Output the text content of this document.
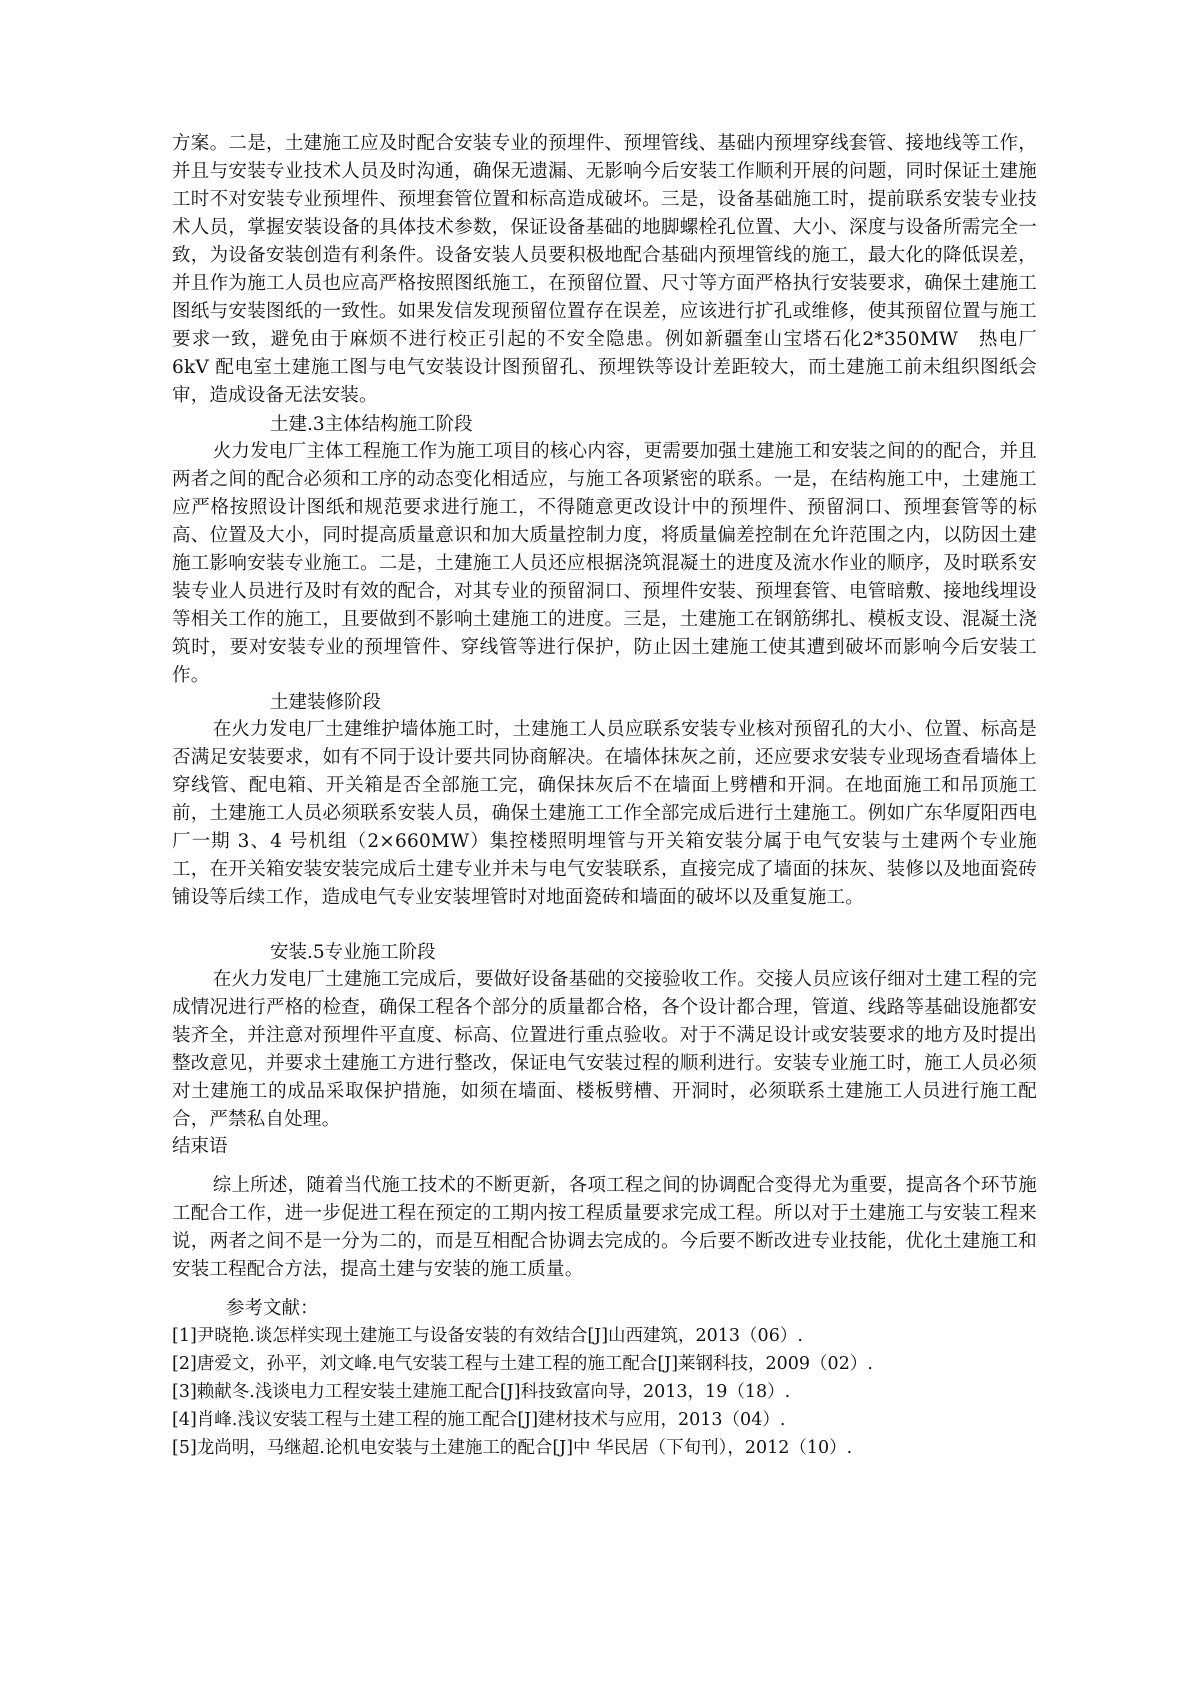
方案。二是，土建施工应及时配合安装专业的预埋件、预埋管线、基础内预埋穿线套管、接地线等工作，并且与安装专业技术人员及时沟通，确保无遗漏、无影响今后安装工作顺利开展的问题，同时保证土建施工时不对安装专业预埋件、预埋套管位置和标高造成破坏。三是，设备基础施工时，提前联系安装专业技术人员，掌握安装设备的具体技术参数，保证设备基础的地脚螺栓孔位置、大小、深度与设备所需完全一致，为设备安装创造有利条件。设备安装人员要积极地配合基础内预埋管线的施工，最大化的降低误差，并且作为施工人员也应高严格按照图纸施工，在预留位置、尺寸等方面严格执行安装要求，确保土建施工图纸与安装图纸的一致性。如果发信发现预留位置存在误差，应该进行扩孔或维修，使其预留位置与施工要求一致，避免由于麻烦不进行校正引起的不安全隐患。例如新疆奎山宝塔石化2*350MW　热电厂 6kV 配电室土建施工图与电气安装设计图预留孔、预埋铁等设计差距较大，而土建施工前未组织图纸会审，造成设备无法安装。

土建.3主体结构施工阶段

火力发电厂主体工程施工作为施工项目的核心内容，更需要加强土建施工和安装之间的的配合，并且两者之间的配合必须和工序的动态变化相适应，与施工各项紧密的联系。一是，在结构施工中，土建施工应严格按照设计图纸和规范要求进行施工，不得随意更改设计中的预埋件、预留洞口、预埋套管等的标高、位置及大小，同时提高质量意识和加大质量控制力度，将质量偏差控制在允许范围之内，以防因土建施工影响安装专业施工。二是，土建施工人员还应根据浇筑混凝土的进度及流水作业的顺序，及时联系安装专业人员进行及时有效的配合，对其专业的预留洞口、预埋件安装、预埋套管、电管暗敷、接地线埋设等相关工作的施工，且要做到不影响土建施工的进度。三是，土建施工在钢筋绑扎、模板支设、混凝土浇筑时，要对安装专业的预埋管件、穿线管等进行保护，防止因土建施工使其遭到破坏而影响今后安装工作。

土建装修阶段

在火力发电厂土建维护墙体施工时，土建施工人员应联系安装专业核对预留孔的大小、位置、标高是否满足安装要求，如有不同于设计要共同协商解决。在墙体抹灰之前，还应要求安装专业现场查看墙体上穿线管、配电箱、开关箱是否全部施工完，确保抹灰后不在墙面上劈槽和开洞。在地面施工和吊顶施工前，土建施工人员必须联系安装人员，确保土建施工工作全部完成后进行土建施工。例如广东华厦阳西电厂一期 3、4 号机组（2×660MW）集控楼照明埋管与开关箱安装分属于电气安装与土建两个专业施工，在开关箱安装安装完成后土建专业并未与电气安装联系，直接完成了墙面的抹灰、装修以及地面瓷砖铺设等后续工作，造成电气专业安装埋管时对地面瓷砖和墙面的破坏以及重复施工。

安装.5专业施工阶段

在火力发电厂土建施工完成后，要做好设备基础的交接验收工作。交接人员应该仔细对土建工程的完成情况进行严格的检查，确保工程各个部分的质量都合格，各个设计都合理，管道、线路等基础设施都安装齐全，并注意对预埋件平直度、标高、位置进行重点验收。对于不满足设计或安装要求的地方及时提出整改意见，并要求土建施工方进行整改，保证电气安装过程的顺利进行。安装专业施工时，施工人员必须对土建施工的成品采取保护措施，如须在墙面、楼板劈槽、开洞时，必须联系土建施工人员进行施工配合，严禁私自处理。

结束语

综上所述，随着当代施工技术的不断更新，各项工程之间的协调配合变得尤为重要，提高各个环节施工配合工作，进一步促进工程在预定的工期内按工程质量要求完成工程。所以对于土建施工与安装工程来说，两者之间不是一分为二的，而是互相配合协调去完成的。今后要不断改进专业技能，优化土建施工和安装工程配合方法，提高土建与安装的施工质量。

参考文献：

[1]尹晓艳.谈怎样实现土建施工与设备安装的有效结合[J]山西建筑，2013（06）.
[2]唐爱文，孙平，刘文峰.电气安装工程与土建工程的施工配合[J]莱钢科技，2009（02）.
[3]赖献冬.浅谈电力工程安装土建施工配合[J]科技致富向导，2013，19（18）.
[4]肖峰.浅议安装工程与土建工程的施工配合[J]建材技术与应用，2013（04）.
[5]龙尚明，马继超.论机电安装与土建施工的配合[J]中 华民居（下旬刊），2012（10）.
